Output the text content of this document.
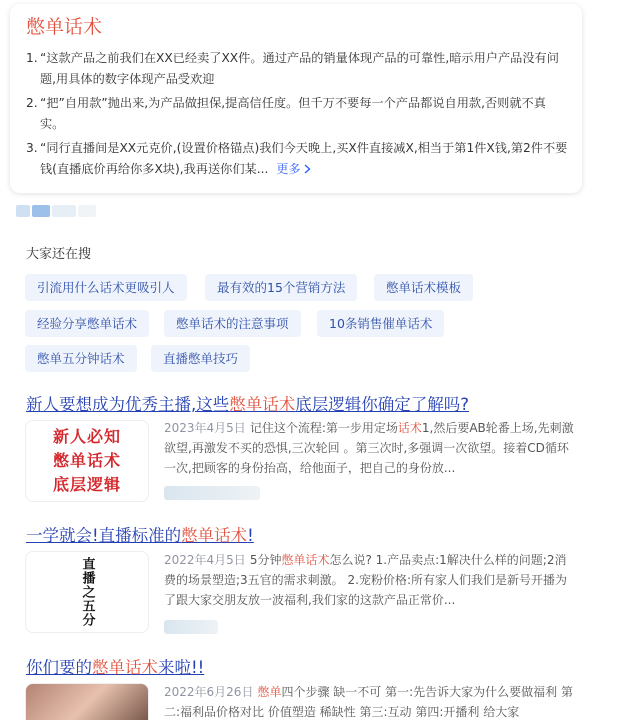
憋单话术
1. “这款产品之前我们在XX已经卖了XX件。通过产品的销量体现产品的可靠性,暗示用户产品没有问题,用具体的数字体现产品受欢迎
2. “把”自用款”抛出来,为产品做担保,提高信任度。但千万不要每一个产品都说自用款,否则就不真实。
3. “同行直播间是XX元克价,(设置价格锚点)我们今天晚上,买X件直接减X,相当于第1件X钱,第2件不要钱(直播底价再给你多X块),我再送你们某... 更多
大家还在搜
引流用什么话术更吸引人	最有效的15个营销方法	憋单话术模板
经验分享憋单话术	憋单话术的注意事项	10条销售催单话术
憋单五分钟话术	直播憋单技巧
新人要想成为优秀主播,这些憋单话术底层逻辑你确定了解吗?
新人必知
憋单话术
底层逻辑
2023年4月5日 记住这个流程:第一步用定场话术1,然后要AB轮番上场,先刺激欲望,再激发不买的恐惧,三次轮回 。第三次时,多强调一次欲望。接着CD循环一次,把顾客的身份抬高，给他面子，把自己的身份放...
一学就会!直播标准的憋单话术!
直播之五分	2022年4月5日 5分钟憋单话术怎么说? 1.产品卖点:1解决什么样的问题;2消费的场景塑造;3五官的需求刺激。 2.宠粉价格:所有家人们我们是新号开播为了跟大家交朋友放一波福利,我们家的这款产品正常价...
你们要的憋单话术来啦!!
2022年6月26日 憋单四个步骤 缺一不可 第一:先告诉大家为什么要做福利 第二:福利品价格对比 价值塑造 稀缺性 第三:互动 第四:开播利 给大家
